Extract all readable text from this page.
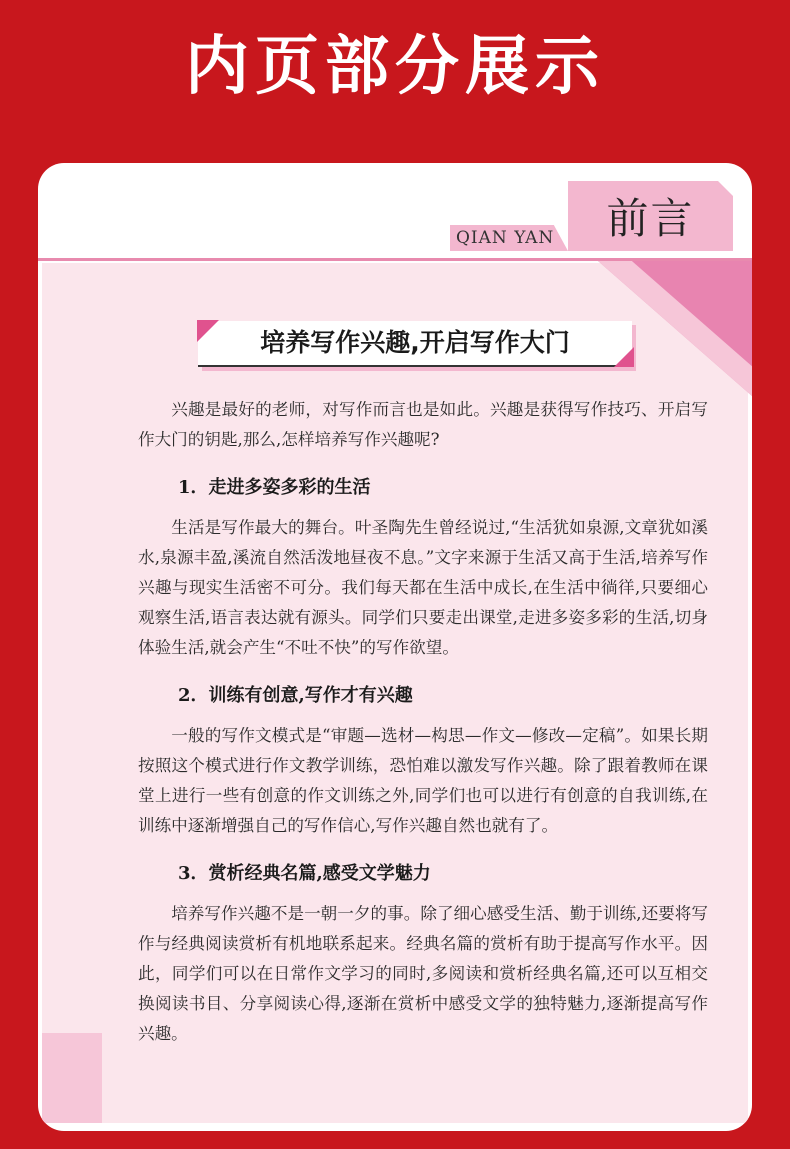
内页部分展示
QIAN YAN 前言
培养写作兴趣,开启写作大门

兴趣是最好的老师，对写作而言也是如此。兴趣是获得写作技巧、开启写作大门的钥匙,那么,怎样培养写作兴趣呢?

1．走进多姿多彩的生活

生活是写作最大的舞台。叶圣陶先生曾经说过,“生活犹如泉源,文章犹如溪水,泉源丰盈,溪流自然活泼地昼夜不息。”文字来源于生活又高于生活,培养写作兴趣与现实生活密不可分。我们每天都在生活中成长,在生活中徜徉,只要细心观察生活,语言表达就有源头。同学们只要走出课堂,走进多姿多彩的生活,切身体验生活,就会产生“不吐不快”的写作欲望。

2．训练有创意,写作才有兴趣

一般的写作文模式是“审题—选材—构思—作文—修改—定稿”。如果长期按照这个模式进行作文教学训练，恐怕难以激发写作兴趣。除了跟着教师在课堂上进行一些有创意的作文训练之外,同学们也可以进行有创意的自我训练,在训练中逐渐增强自己的写作信心,写作兴趣自然也就有了。

3．赏析经典名篇,感受文学魅力

培养写作兴趣不是一朝一夕的事。除了细心感受生活、勤于训练,还要将写作与经典阅读赏析有机地联系起来。经典名篇的赏析有助于提高写作水平。因此，同学们可以在日常作文学习的同时,多阅读和赏析经典名篇,还可以互相交换阅读书目、分享阅读心得,逐渐在赏析中感受文学的独特魅力,逐渐提高写作兴趣。
